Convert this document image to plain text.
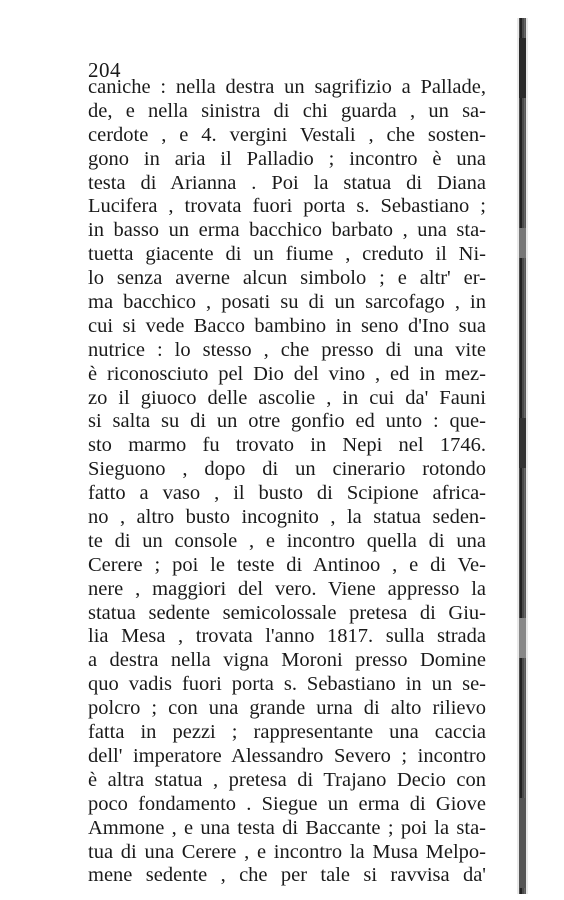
204
caniche : nella destra un sagrifizio a Pallade,
de, e nella sinistra di chi guarda , un sa-
cerdote , e 4. vergini Vestali , che sosten-
gono in aria il Palladio ; incontro è una
testa di Arianna . Poi la statua di Diana
Lucifera , trovata fuori porta s. Sebastiano ;
in basso un erma bacchico barbato , una sta-
tuetta giacente di un fiume , creduto il Ni-
lo senza averne alcun simbolo ; e altr' er-
ma bacchico , posati su di un sarcofago , in
cui si vede Bacco bambino in seno d'Ino sua
nutrice : lo stesso , che presso di una vite
è riconosciuto pel Dio del vino , ed in mez-
zo il giuoco delle ascolie , in cui da' Fauni
si salta su di un otre gonfio ed unto : que-
sto marmo fu trovato in Nepi nel 1746.
Sieguono , dopo di un cinerario rotondo
fatto a vaso , il busto di Scipione africa-
no , altro busto incognito , la statua seden-
te di un console , e incontro quella di una
Cerere ; poi le teste di Antinoo , e di Ve-
nere , maggiori del vero. Viene appresso la
statua sedente semicolossale pretesa di Giu-
lia Mesa , trovata l'anno 1817. sulla strada
a destra nella vigna Moroni presso Domine
quo vadis fuori porta s. Sebastiano in un se-
polcro ; con una grande urna di alto rilievo
fatta in pezzi ; rappresentante una caccia
dell' imperatore Alessandro Severo ; incontro
è altra statua , pretesa di Trajano Decio con
poco fondamento . Siegue un erma di Giove
Ammone , e una testa di Baccante ; poi la sta-
tua di una Cerere , e incontro la Musa Melpo-
mene sedente , che per tale si ravvisa da'
